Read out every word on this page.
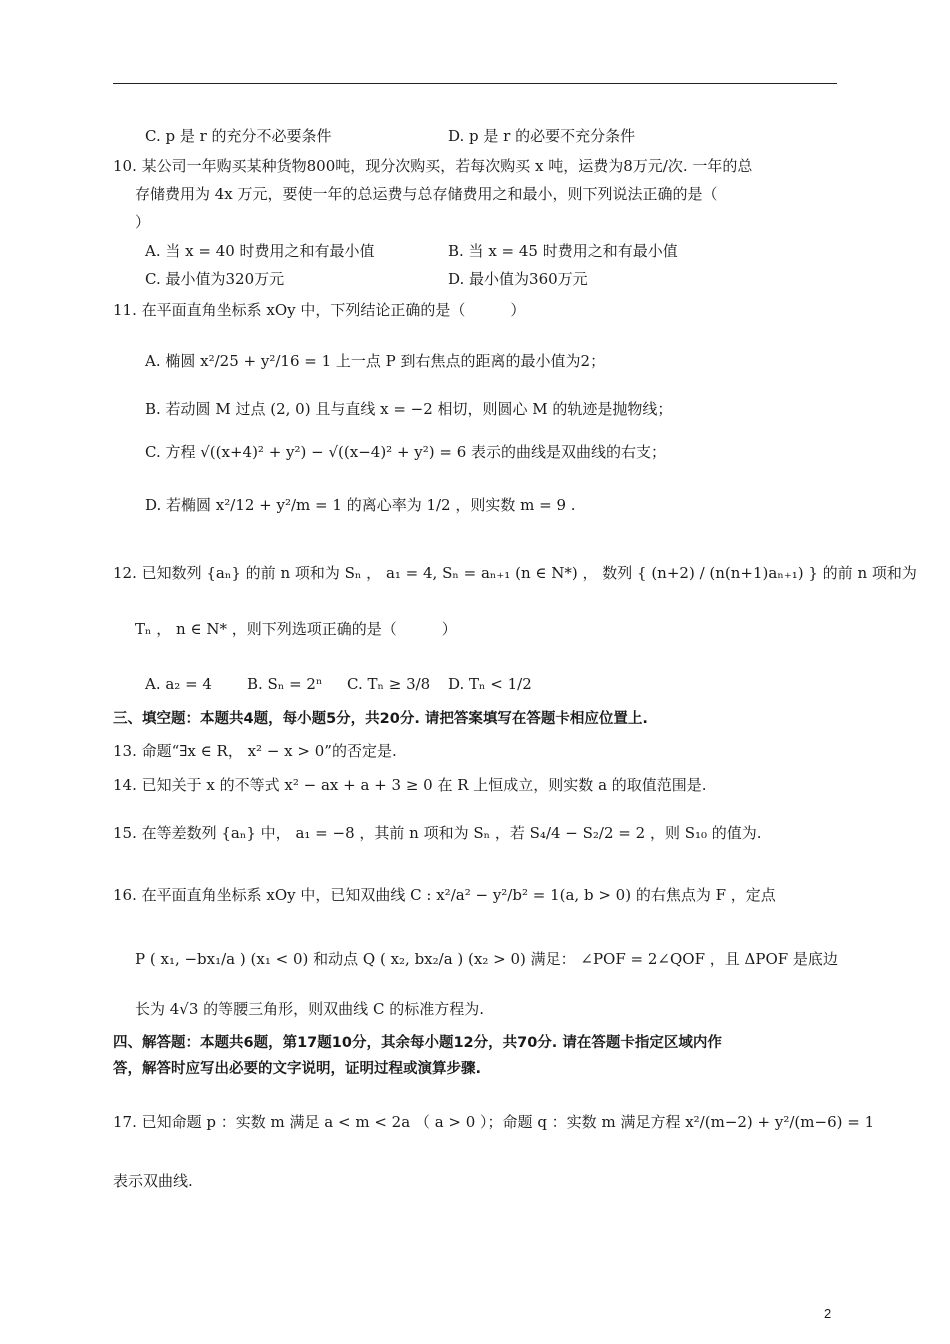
C. p 是 r 的充分不必要条件	D. p 是 r 的必要不充分条件
10. 某公司一年购买某种货物800吨，现分次购买，若每次购买 x 吨，运费为8万元/次. 一年的总
存储费用为 4x 万元，要使一年的总运费与总存储费用之和最小，则下列说法正确的是（
）
A. 当 x = 40 时费用之和有最小值	B. 当 x = 45 时费用之和有最小值
C. 最小值为320万元	D. 最小值为360万元
11. 在平面直角坐标系 xOy 中，下列结论正确的是（　　　）
A. 椭圆 x²/25 + y²/16 = 1 上一点 P 到右焦点的距离的最小值为2；
B. 若动圆 M 过点 (2, 0) 且与直线 x = −2 相切，则圆心 M 的轨迹是抛物线；
C. 方程 √((x+4)² + y²) − √((x−4)² + y²) = 6 表示的曲线是双曲线的右支；
D. 若椭圆 x²/12 + y²/m = 1 的离心率为 1/2 ，则实数 m = 9 .
12. 已知数列 {aₙ} 的前 n 项和为 Sₙ ， a₁ = 4, Sₙ = aₙ₊₁ (n ∈ N*) ， 数列 { (n+2) / (n(n+1)aₙ₊₁) } 的前 n 项和为
Tₙ ， n ∈ N* ，则下列选项正确的是（　　　）
A. a₂ = 4 B. Sₙ = 2ⁿ C. Tₙ ≥ 3/8 D. Tₙ < 1/2
三、填空题：本题共4题，每小题5分，共20分. 请把答案填写在答题卡相应位置上.
13. 命题“∃x ∈ R， x² − x > 0”的否定是.
14. 已知关于 x 的不等式 x² − ax + a + 3 ≥ 0 在 R 上恒成立，则实数 a 的取值范围是.
15. 在等差数列 {aₙ} 中， a₁ = −8 ，其前 n 项和为 Sₙ ，若 S₄/4 − S₂/2 = 2 ，则 S₁₀ 的值为.
16. 在平面直角坐标系 xOy 中，已知双曲线 C : x²/a² − y²/b² = 1(a, b > 0) 的右焦点为 F ，定点
P ( x₁, −bx₁/a ) (x₁ < 0) 和动点 Q ( x₂, bx₂/a ) (x₂ > 0) 满足： ∠POF = 2∠QOF ，且 ΔPOF 是底边
长为 4√3 的等腰三角形，则双曲线 C 的标准方程为.
四、解答题：本题共6题，第17题10分，其余每小题12分，共70分. 请在答题卡指定区域内作
答，解答时应写出必要的文字说明，证明过程或演算步骤.
17. 已知命题 p ：实数 m 满足 a < m < 2a （ a > 0 ）；命题 q ：实数 m 满足方程 x²/(m−2) + y²/(m−6) = 1
表示双曲线.
2
